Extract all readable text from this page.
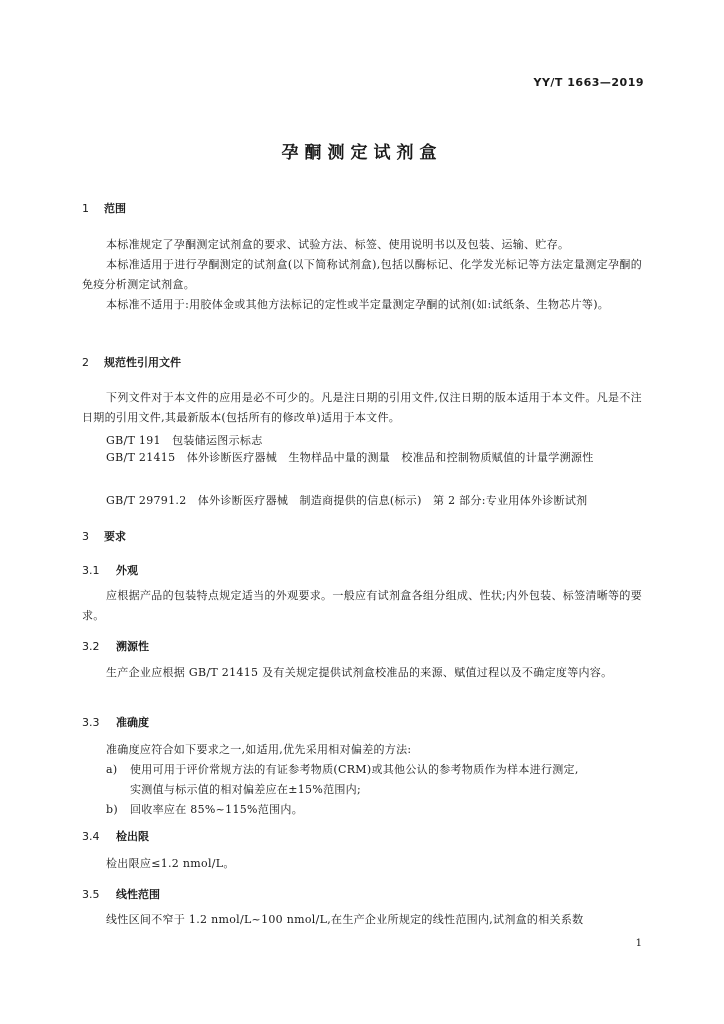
YY/T 1663—2019
孕酮测定试剂盒
1 范围
本标准规定了孕酮测定试剂盒的要求、试验方法、标签、使用说明书以及包装、运输、贮存。
本标准适用于进行孕酮测定的试剂盒(以下简称试剂盒),包括以酶标记、化学发光标记等方法定量测定孕酮的免疫分析测定试剂盒。
本标准不适用于:用胶体金或其他方法标记的定性或半定量测定孕酮的试剂(如:试纸条、生物芯片等)。
2 规范性引用文件
下列文件对于本文件的应用是必不可少的。凡是注日期的引用文件,仅注日期的版本适用于本文件。凡是不注日期的引用文件,其最新版本(包括所有的修改单)适用于本文件。
GB/T 191　包装储运图示标志
GB/T 21415　体外诊断医疗器械　生物样品中量的测量　校准品和控制物质赋值的计量学溯源性
GB/T 29791.2　体外诊断医疗器械　制造商提供的信息(标示)　第 2 部分:专业用体外诊断试剂
3 要求
3.1 外观
应根据产品的包装特点规定适当的外观要求。一般应有试剂盒各组分组成、性状;内外包装、标签清晰等的要求。
3.2 溯源性
生产企业应根据 GB/T 21415 及有关规定提供试剂盒校准品的来源、赋值过程以及不确定度等内容。
3.3 准确度
准确度应符合如下要求之一,如适用,优先采用相对偏差的方法:
a) 使用可用于评价常规方法的有证参考物质(CRM)或其他公认的参考物质作为样本进行测定,
实测值与标示值的相对偏差应在±15%范围内;
b) 回收率应在 85%~115%范围内。
3.4 检出限
检出限应≤1.2 nmol/L。
3.5 线性范围
线性区间不窄于 1.2 nmol/L~100 nmol/L,在生产企业所规定的线性范围内,试剂盒的相关系数
1
